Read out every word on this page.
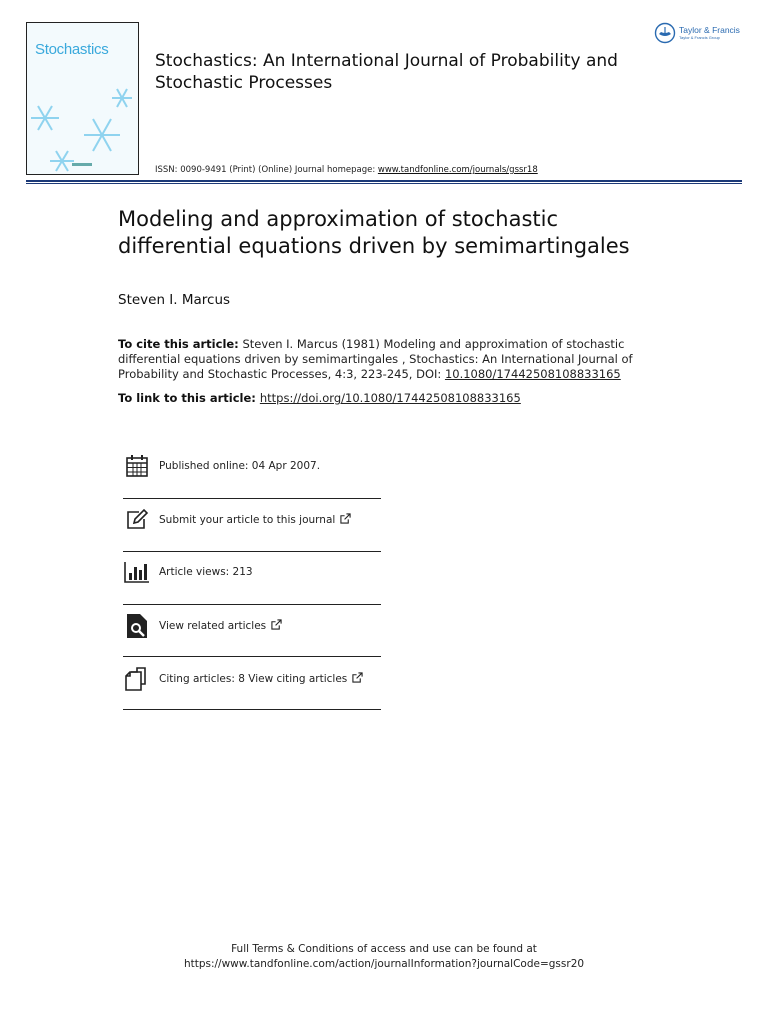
Stochastics
Stochastics: An International Journal of Probability and Stochastic Processes
ISSN: 0090-9491 (Print) (Online) Journal homepage: www.tandfonline.com/journals/gssr18
Taylor & Francis
Taylor & Francis Group
Modeling and approximation of stochastic differential equations driven by semimartingales
Steven I. Marcus
To cite this article: Steven I. Marcus (1981) Modeling and approximation of stochastic differential equations driven by semimartingales , Stochastics: An International Journal of Probability and Stochastic Processes, 4:3, 223-245, DOI: 10.1080/17442508108833165
To link to this article: https://doi.org/10.1080/17442508108833165
Published online: 04 Apr 2007.
Submit your article to this journal
Article views: 213
View related articles
Citing articles: 8 View citing articles
Full Terms & Conditions of access and use can be found at
https://www.tandfonline.com/action/journalInformation?journalCode=gssr20
